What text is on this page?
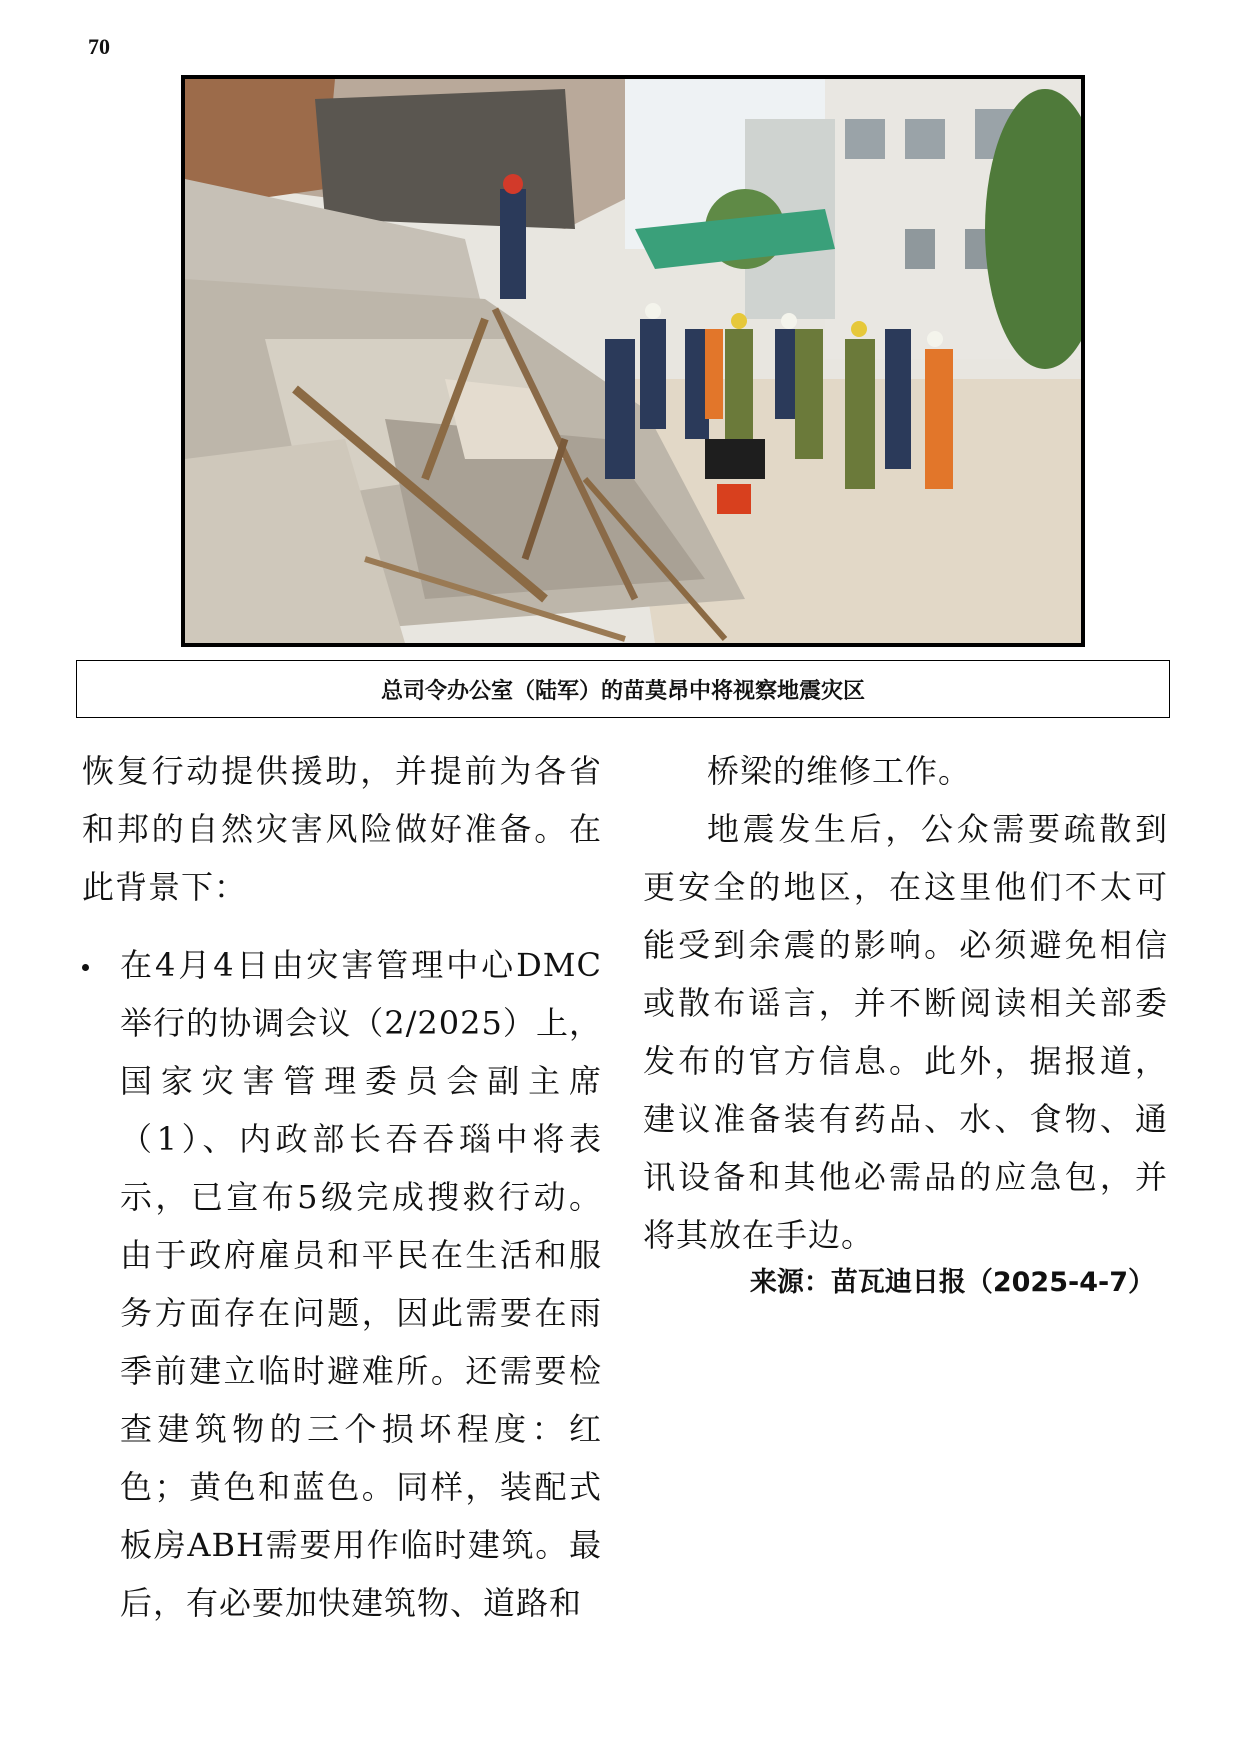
70
总司令办公室（陆军）的苗莫昂中将视察地震灾区

恢复行动提供援助，并提前为各省和邦的自然灾害风险做好准备。在此背景下：

在4月4日由灾害管理中心DMC举行的协调会议（2/2025）上，国家灾害管理委员会副主席（1）、内政部长吞吞瑙中将表示，已宣布5级完成搜救行动。由于政府雇员和平民在生活和服务方面存在问题，因此需要在雨季前建立临时避难所。还需要检查建筑物的三个损坏程度：红色；黄色和蓝色。同样，装配式板房ABH需要用作临时建筑。最后，有必要加快建筑物、道路和

桥梁的维修工作。

地震发生后，公众需要疏散到更安全的地区，在这里他们不太可能受到余震的影响。必须避免相信或散布谣言，并不断阅读相关部委发布的官方信息。此外，据报道，建议准备装有药品、水、食物、通讯设备和其他必需品的应急包，并将其放在手边。

来源：苗瓦迪日报（2025-4-7）
